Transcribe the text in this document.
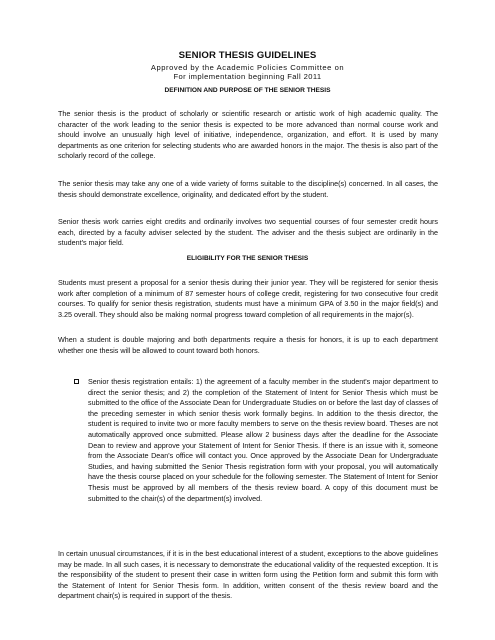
SENIOR THESIS GUIDELINES
Approved by the Academic Policies Committee on
For implementation beginning Fall 2011
DEFINITION AND PURPOSE OF THE SENIOR THESIS

The senior thesis is the product of scholarly or scientific research or artistic work of high academic quality. The character of the work leading to the senior thesis is expected to be more advanced than normal course work and should involve an unusually high level of initiative, independence, organization, and effort. It is used by many departments as one criterion for selecting students who are awarded honors in the major. The thesis is also part of the scholarly record of the college.

The senior thesis may take any one of a wide variety of forms suitable to the discipline(s) concerned. In all cases, the thesis should demonstrate excellence, originality, and dedicated effort by the student.

Senior thesis work carries eight credits and ordinarily involves two sequential courses of four semester credit hours each, directed by a faculty adviser selected by the student. The adviser and the thesis subject are ordinarily in the student's major field.

ELIGIBILITY FOR THE SENIOR THESIS

Students must present a proposal for a senior thesis during their junior year. They will be registered for senior thesis work after completion of a minimum of 87 semester hours of college credit, registering for two consecutive four credit courses. To qualify for senior thesis registration, students must have a minimum GPA of 3.50 in the major field(s) and 3.25 overall. They should also be making normal progress toward completion of all requirements in the major(s).

When a student is double majoring and both departments require a thesis for honors, it is up to each department whether one thesis will be allowed to count toward both honors.

Senior thesis registration entails: 1) the agreement of a faculty member in the student's major department to direct the senior thesis; and 2) the completion of the Statement of Intent for Senior Thesis which must be submitted to the office of the Associate Dean for Undergraduate Studies on or before the last day of classes of the preceding semester in which senior thesis work formally begins. In addition to the thesis director, the student is required to invite two or more faculty members to serve on the thesis review board. Theses are not automatically approved once submitted. Please allow 2 business days after the deadline for the Associate Dean to review and approve your Statement of Intent for Senior Thesis. If there is an issue with it, someone from the Associate Dean's office will contact you. Once approved by the Associate Dean for Undergraduate Studies, and having submitted the Senior Thesis registration form with your proposal, you will automatically have the thesis course placed on your schedule for the following semester. The Statement of Intent for Senior Thesis must be approved by all members of the thesis review board. A copy of this document must be submitted to the chair(s) of the department(s) involved.

In certain unusual circumstances, if it is in the best educational interest of a student, exceptions to the above guidelines may be made. In all such cases, it is necessary to demonstrate the educational validity of the requested exception. It is the responsibility of the student to present their case in written form using the Petition form and submit this form with the Statement of Intent for Senior Thesis form. In addition, written consent of the thesis review board and the department chair(s) is required in support of the thesis.
